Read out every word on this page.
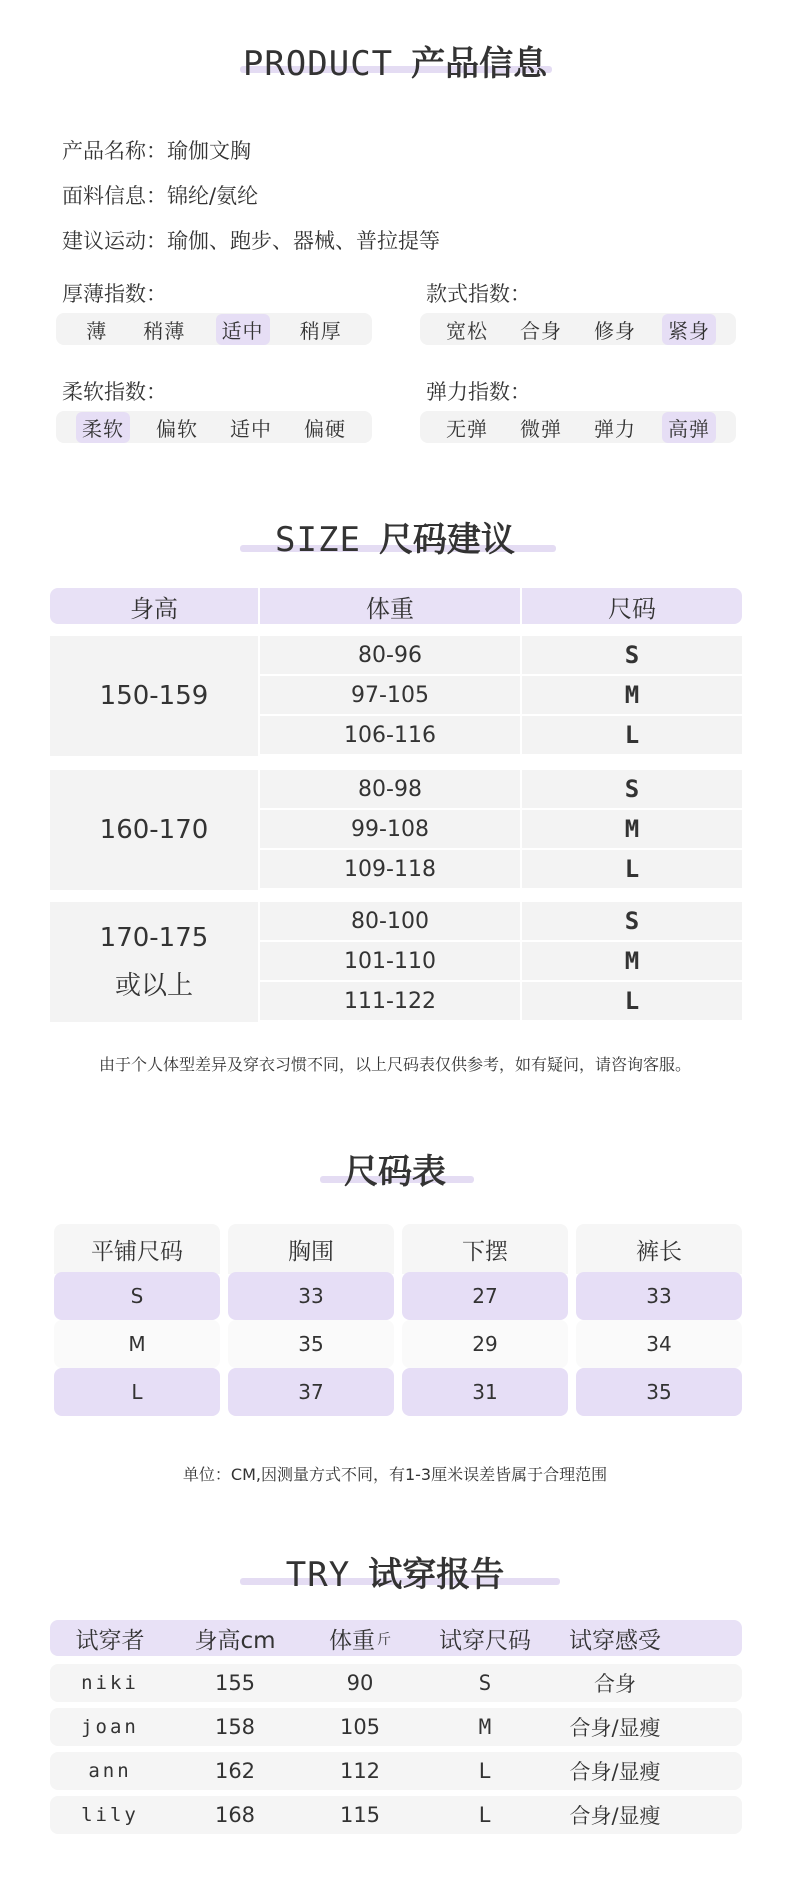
PRODUCT 产品信息
产品名称：瑜伽文胸
面料信息：锦纶/氨纶
建议运动：瑜伽、跑步、器械、普拉提等
厚薄指数：
薄	稍薄	适中	稍厚
款式指数：
宽松	合身	修身	紧身
柔软指数：
柔软	偏软	适中	偏硬
弹力指数：
无弹	微弹	弹力	高弹
SIZE 尺码建议
身高	体重	尺码
150-159
80-96	S
97-105	M
106-116	L
160-170
80-98	S
99-108	M
109-118	L
170-175
或以上
80-100	S
101-110	M
111-122	L
由于个人体型差异及穿衣习惯不同，以上尺码表仅供参考，如有疑问，请咨询客服。
尺码表
平铺尺码	胸围	下摆	裤长
S	33	27	33
M	35	29	34
L	37	31	35
单位：CM,因测量方式不同，有1-3厘米误差皆属于合理范围
TRY 试穿报告
试穿者 身高cm 体重 斤 试穿尺码 试穿感受
niki	155	90	S	合身
joan	158	105	M	合身/显瘦
ann	162	112	L	合身/显瘦
lily	168	115	L	合身/显瘦
